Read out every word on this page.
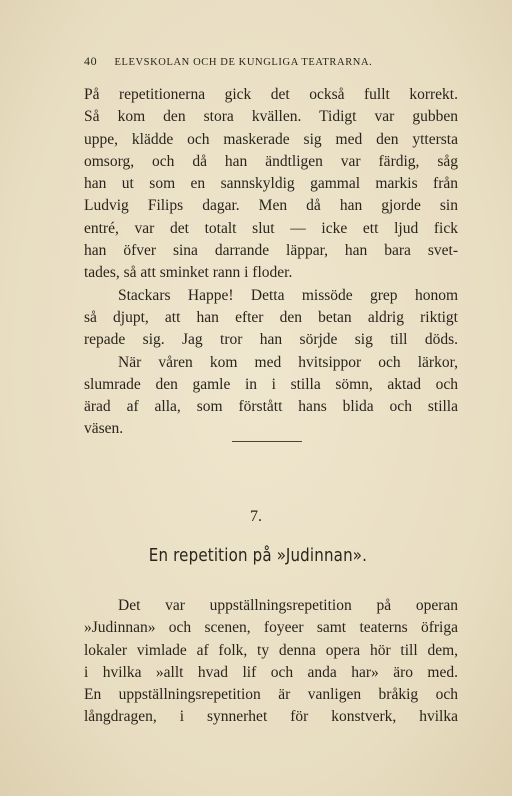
40 ELEVSKOLAN OCH DE KUNGLIGA TEATRARNA.
På repetitionerna gick det också fullt korrekt.
Så kom den stora kvällen. Tidigt var gubben
uppe, klädde och maskerade sig med den yttersta
omsorg, och då han ändtligen var färdig, såg
han ut som en sannskyldig gammal markis från
Ludvig Filips dagar. Men då han gjorde sin
entré, var det totalt slut — icke ett ljud fick
han öfver sina darrande läppar, han bara svet-
tades, så att sminket rann i floder.
Stackars Happe! Detta missöde grep honom
så djupt, att han efter den betan aldrig riktigt
repade sig. Jag tror han sörjde sig till döds.
När våren kom med hvitsippor och lärkor,
slumrade den gamle in i stilla sömn, aktad och
ärad af alla, som förstått hans blida och stilla
väsen.
7.
En repetition på »Judinnan».
Det var uppställningsrepetition på operan
»Judinnan» och scenen, foyeer samt teaterns öfriga
lokaler vimlade af folk, ty denna opera hör till dem,
i hvilka »allt hvad lif och anda har» äro med.
En uppställningsrepetition är vanligen bråkig och
långdragen, i synnerhet för konstverk, hvilka
